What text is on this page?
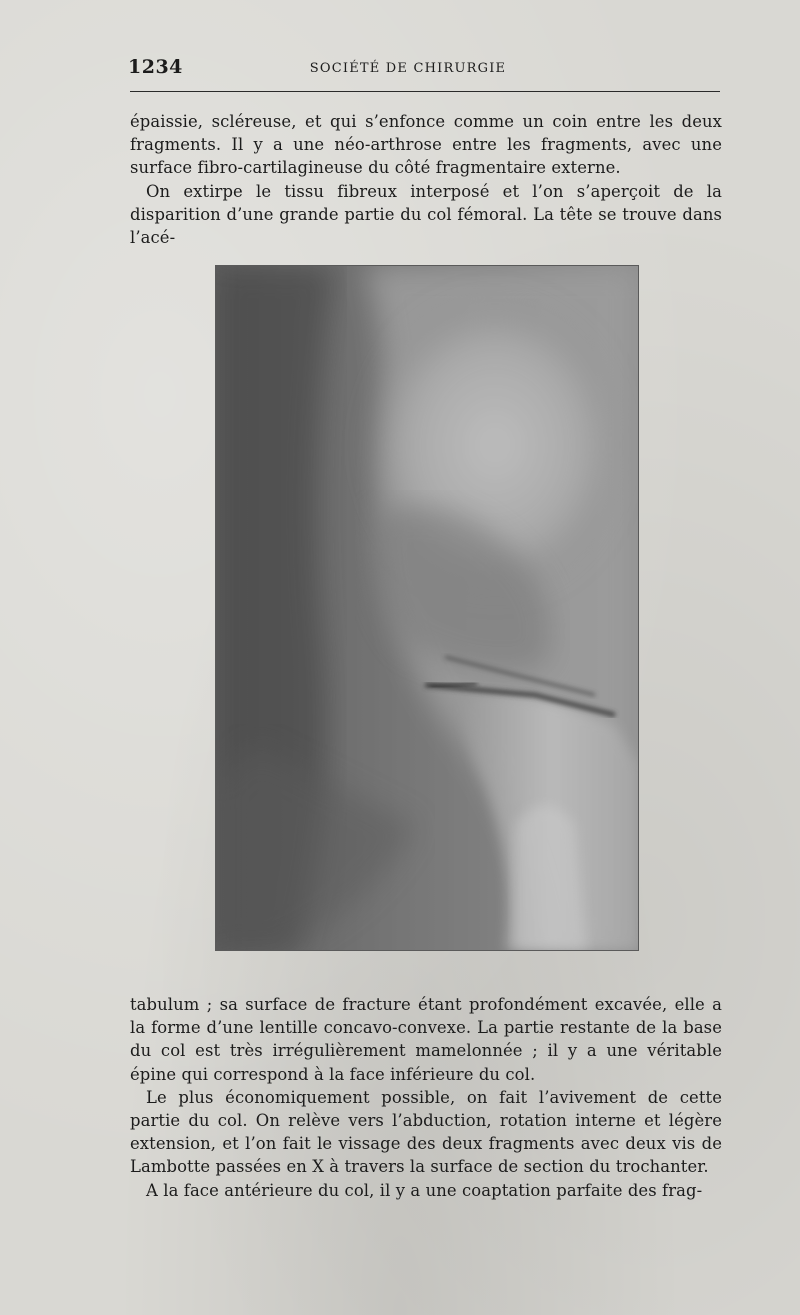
1234	SOCIÉTÉ DE CHIRURGIE

épaissie, scléreuse, et qui s’enfonce comme un coin entre les deux fragments. Il y a une néo-arthrose entre les fragments, avec une surface fibro-cartilagineuse du côté fragmentaire externe.

On extirpe le tissu fibreux interposé et l’on s’aperçoit de la disparition d’une grande partie du col fémoral. La tête se trouve dans l’acé-

tabulum ; sa surface de fracture étant profondément excavée, elle a la forme d’une lentille concavo-convexe. La partie restante de la base du col est très irrégulièrement mamelonnée ; il y a une véritable épine qui correspond à la face inférieure du col.

Le plus économiquement possible, on fait l’avivement de cette partie du col. On relève vers l’abduction, rotation interne et légère extension, et l’on fait le vissage des deux fragments avec deux vis de Lambotte passées en X à travers la surface de section du trochanter.

A la face antérieure du col, il y a une coaptation parfaite des frag-
